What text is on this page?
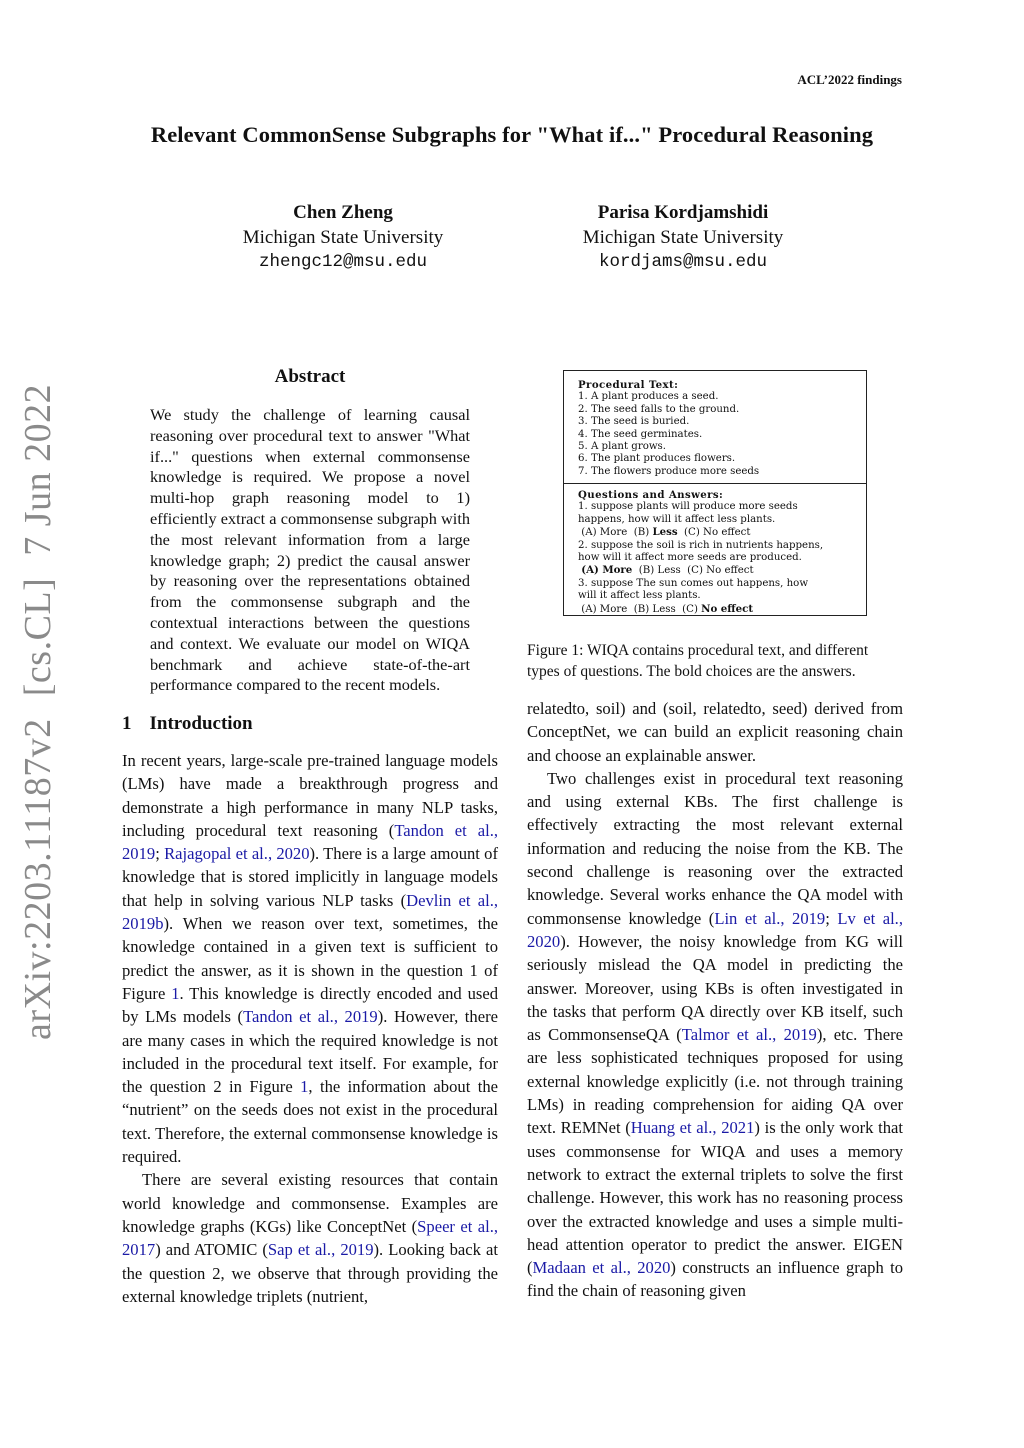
ACL’2022 findings
Relevant CommonSense Subgraphs for "What if..." Procedural Reasoning
Chen Zheng
Michigan State University
zhengc12@msu.edu
Parisa Kordjamshidi
Michigan State University
kordjams@msu.edu
arXiv:2203.11187v2[cs.CL]7 Jun 2022
Abstract
We study the challenge of learning causal reasoning over procedural text to answer "What if..." questions when external commonsense knowledge is required. We propose a novel multi-hop graph reasoning model to 1) efficiently extract a commonsense subgraph with the most relevant information from a large knowledge graph; 2) predict the causal answer by reasoning over the representations obtained from the commonsense subgraph and the contextual interactions between the questions and context. We evaluate our model on WIQA benchmark and achieve state-of-the-art performance compared to the recent models.
1 Introduction

In recent years, large-scale pre-trained language models (LMs) have made a breakthrough progress and demonstrate a high performance in many NLP tasks, including procedural text reasoning (Tandon et al., 2019; Rajagopal et al., 2020). There is a large amount of knowledge that is stored implicitly in language models that help in solving various NLP tasks (Devlin et al., 2019b). When we reason over text, sometimes, the knowledge contained in a given text is sufficient to predict the answer, as it is shown in the question 1 of Figure 1. This knowledge is directly encoded and used by LMs models (Tandon et al., 2019). However, there are many cases in which the required knowledge is not included in the procedural text itself. For example, for the question 2 in Figure 1, the information about the “nutrient” on the seeds does not exist in the procedural text. Therefore, the external commonsense knowledge is required.

There are several existing resources that contain world knowledge and commonsense. Examples are knowledge graphs (KGs) like ConceptNet (Speer et al., 2017) and ATOMIC (Sap et al., 2019). Looking back at the question 2, we observe that through providing the external knowledge triplets (nutrient,

Procedural Text:
1. A plant produces a seed.
2. The seed falls to the ground.
3. The seed is buried.
4. The seed germinates.
5. A plant grows.
6. The plant produces flowers.
7. The flowers produce more seeds
Questions and Answers:
1. suppose plants will produce more seeds
happens, how will it affect less plants.
(A) More (B) Less (C) No effect
2. suppose the soil is rich in nutrients happens,
how will it affect more seeds are produced.
(A) More (B) Less (C) No effect
3. suppose The sun comes out happens, how
will it affect less plants.
(A) More (B) Less (C) No effect
Figure 1: WIQA contains procedural text, and different types of questions. The bold choices are the answers.

relatedto, soil) and (soil, relatedto, seed) derived from ConceptNet, we can build an explicit reasoning chain and choose an explainable answer.

Two challenges exist in procedural text reasoning and using external KBs. The first challenge is effectively extracting the most relevant external information and reducing the noise from the KB. The second challenge is reasoning over the extracted knowledge. Several works enhance the QA model with commonsense knowledge (Lin et al., 2019; Lv et al., 2020). However, the noisy knowledge from KG will seriously mislead the QA model in predicting the answer. Moreover, using KBs is often investigated in the tasks that perform QA directly over KB itself, such as CommonsenseQA (Talmor et al., 2019), etc. There are less sophisticated techniques proposed for using external knowledge explicitly (i.e. not through training LMs) in reading comprehension for aiding QA over text. REMNet (Huang et al., 2021) is the only work that uses commonsense for WIQA and uses a memory network to extract the external triplets to solve the first challenge. However, this work has no reasoning process over the extracted knowledge and uses a simple multi-head attention operator to predict the answer. EIGEN (Madaan et al., 2020) constructs an influence graph to find the chain of reasoning given
